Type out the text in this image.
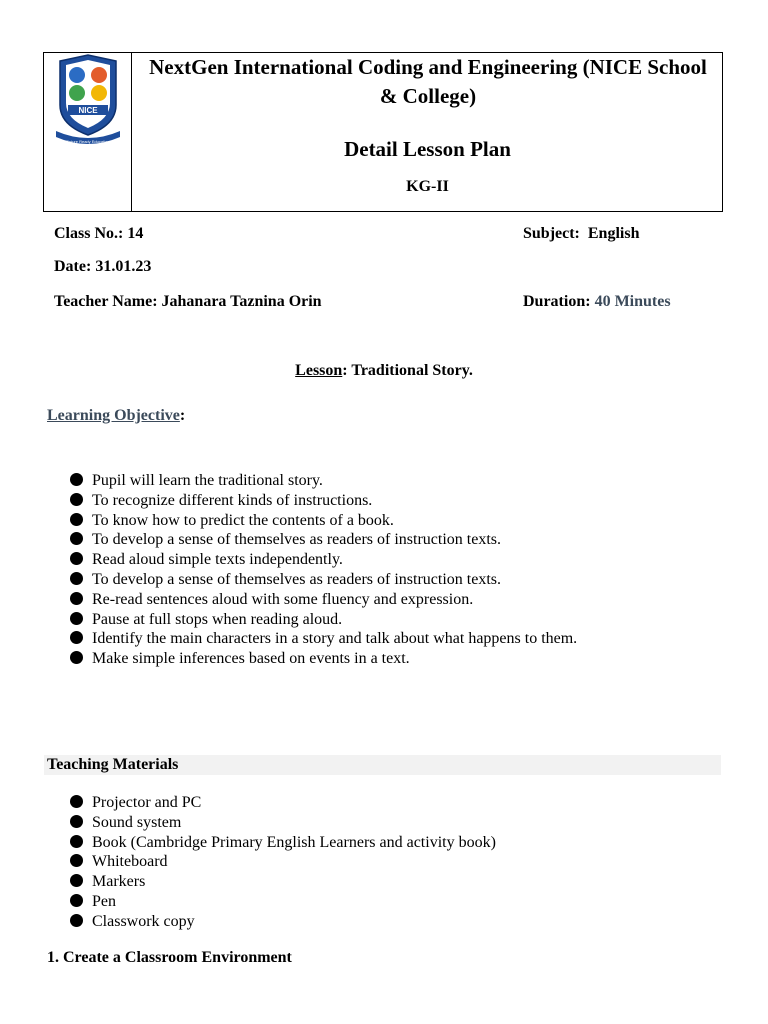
NICE
Future Ready Education
NextGen International Coding and Engineering (NICE School & College)
Detail Lesson Plan
KG-II
Class No.: 14	Subject:  English
Date: 31.01.23
Teacher Name: Jahanara Taznina Orin	Duration: 40 Minutes
Lesson: Traditional Story.
Learning Objective:
Pupil will learn the traditional story.
To recognize different kinds of instructions.
To know how to predict the contents of a book.
To develop a sense of themselves as readers of instruction texts.
Read aloud simple texts independently.
To develop a sense of themselves as readers of instruction texts.
Re-read sentences aloud with some fluency and expression.
Pause at full stops when reading aloud.
Identify the main characters in a story and talk about what happens to them.
Make simple inferences based on events in a text.
Teaching Materials
Projector and PC
Sound system
Book (Cambridge Primary English Learners and activity book)
Whiteboard
Markers
Pen
Classwork copy
1. Create a Classroom Environment
